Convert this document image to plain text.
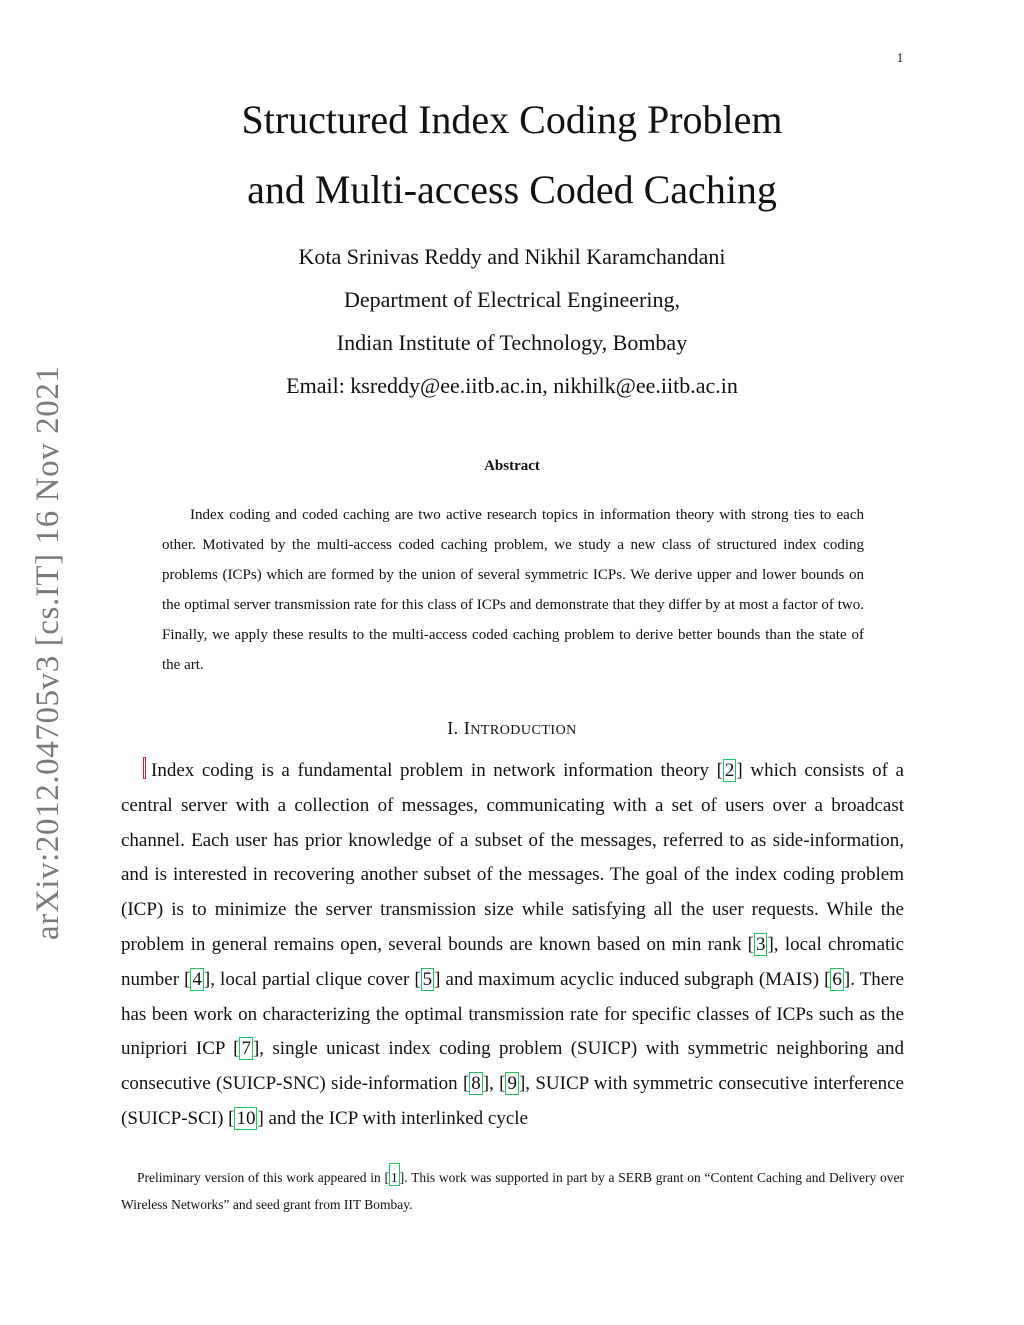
1
Structured Index Coding Problem
and Multi-access Coded Caching
Kota Srinivas Reddy and Nikhil Karamchandani
Department of Electrical Engineering,
Indian Institute of Technology, Bombay
Email: ksreddy@ee.iitb.ac.in, nikhilk@ee.iitb.ac.in
arXiv:2012.04705v3 [cs.IT] 16 Nov 2021	Abstract

Index coding and coded caching are two active research topics in information theory with strong ties to each other. Motivated by the multi-access coded caching problem, we study a new class of structured index coding problems (ICPs) which are formed by the union of several symmetric ICPs. We derive upper and lower bounds on the optimal server transmission rate for this class of ICPs and demonstrate that they differ by at most a factor of two. Finally, we apply these results to the multi-access coded caching problem to derive better bounds than the state of the art.

I. INTRODUCTION

Index coding is a fundamental problem in network information theory [ 2 ] which consists of a central server with a collection of messages, communicating with a set of users over a broadcast channel. Each user has prior knowledge of a subset of the messages, referred to as side-information, and is interested in recovering another subset of the messages. The goal of the index coding problem (ICP) is to minimize the server transmission size while satisfying all the user requests. While the problem in general remains open, several bounds are known based on min rank [ 3 ], local chromatic number [ 4 ], local partial clique cover [ 5 ] and maximum acyclic induced subgraph (MAIS) [ 6 ]. There has been work on characterizing the optimal transmission rate for specific classes of ICPs such as the unipriori ICP [ 7 ], single unicast index coding problem (SUICP) with symmetric neighboring and consecutive (SUICP-SNC) side-information [ 8 ], [ 9 ], SUICP with symmetric consecutive interference (SUICP-SCI) [ 10 ] and the ICP with interlinked cycle

Preliminary version of this work appeared in [ 1 ]. This work was supported in part by a SERB grant on “Content Caching and Delivery over Wireless Networks” and seed grant from IIT Bombay.
